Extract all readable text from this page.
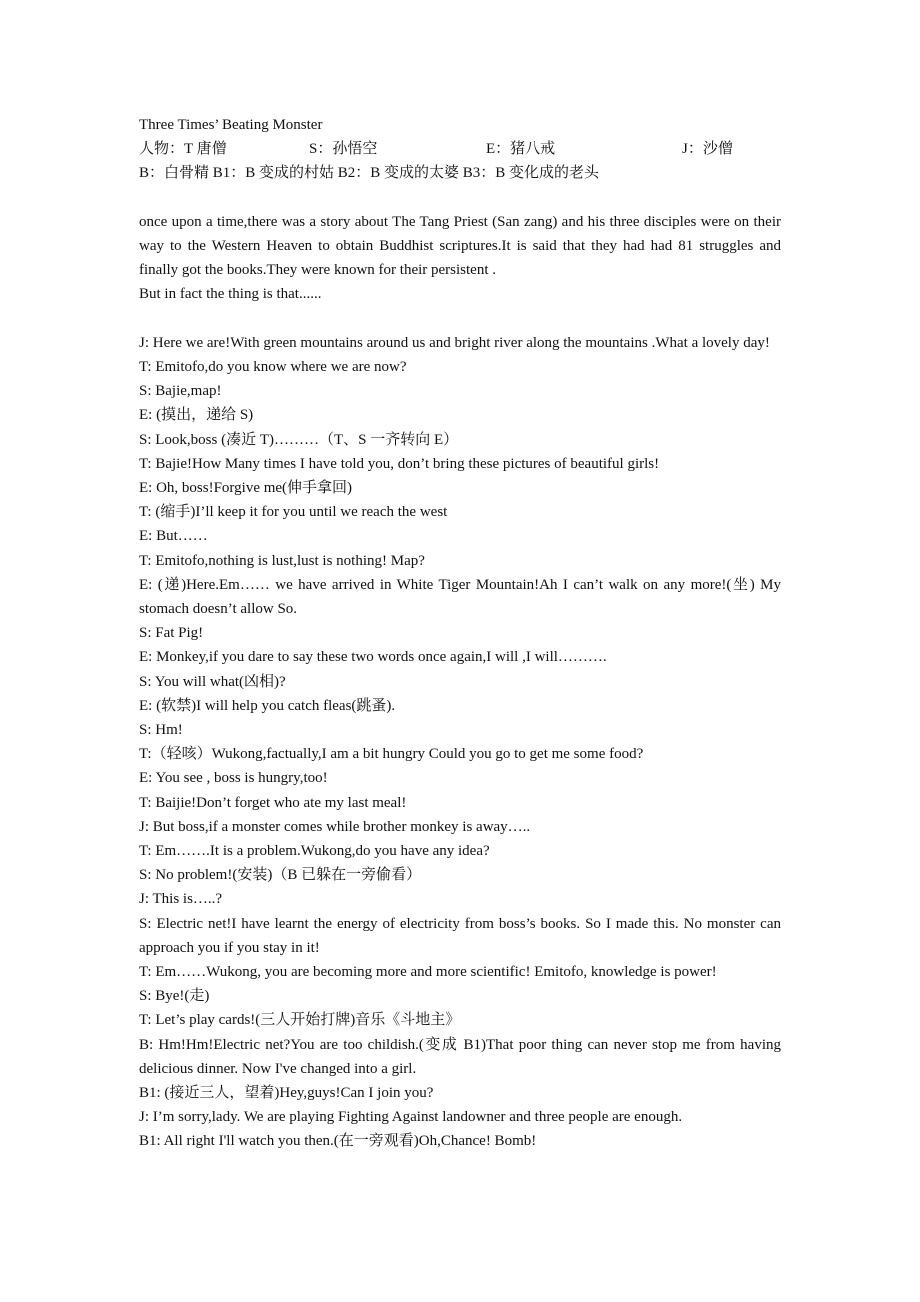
Three Times’ Beating Monster
人物：T 唐僧	S：孙悟空	E：猪八戒	J：沙僧
B：白骨精 B1：B 变成的村姑 B2：B 变成的太婆 B3：B 变化成的老头
once upon a time,there was a story about The Tang Priest (San zang) and his three disciples were on their way to the Western Heaven to obtain Buddhist scriptures.It is said that they had had 81 struggles and finally got the books.They were known for their persistent .
But in fact the thing is that......
J: Here we are!With green mountains around us and bright river along the mountains .What a lovely day!
T: Emitofo,do you know where we are now?
S: Bajie,map!
E: (摸出，递给 S)
S: Look,boss (凑近 T)………（T、S 一齐转向 E）
T: Bajie!How Many times I have told you, don’t bring these pictures of beautiful girls!
E: Oh, boss!Forgive me(伸手拿回)
T: (缩手)I’ll keep it for you until we reach the west
E: But……
T: Emitofo,nothing is lust,lust is nothing! Map?
E: (递)Here.Em…… we have arrived in White Tiger Mountain!Ah I can’t walk on any more!(坐) My stomach doesn’t allow So.
S: Fat Pig!
E: Monkey,if you dare to say these two words once again,I will ,I will……….
S: You will what(凶相)?
E: (软禁)I will help you catch fleas(跳蚤).
S: Hm!
T:（轻咳）Wukong,factually,I am a bit hungry Could you go to get me some food?
E: You see , boss is hungry,too!
T: Baijie!Don’t forget who ate my last meal!
J: But boss,if a monster comes while brother monkey is away…..
T: Em…….It is a problem.Wukong,do you have any idea?
S: No problem!(安装)（B 已躲在一旁偷看）
J: This is…..?
S: Electric net!I have learnt the energy of electricity from boss’s books. So I made this. No monster can approach you if you stay in it!
T: Em……Wukong, you are becoming more and more scientific! Emitofo, knowledge is power!
S: Bye!(走)
T: Let’s play cards!(三人开始打牌)音乐《斗地主》
B: Hm!Hm!Electric net?You are too childish.(变成 B1)That poor thing can never stop me from having delicious dinner. Now I've changed into a girl.
B1: (接近三人，望着)Hey,guys!Can I join you?
J: I’m sorry,lady. We are playing Fighting Against landowner and three people are enough.
B1: All right I'll watch you then.(在一旁观看)Oh,Chance! Bomb!
